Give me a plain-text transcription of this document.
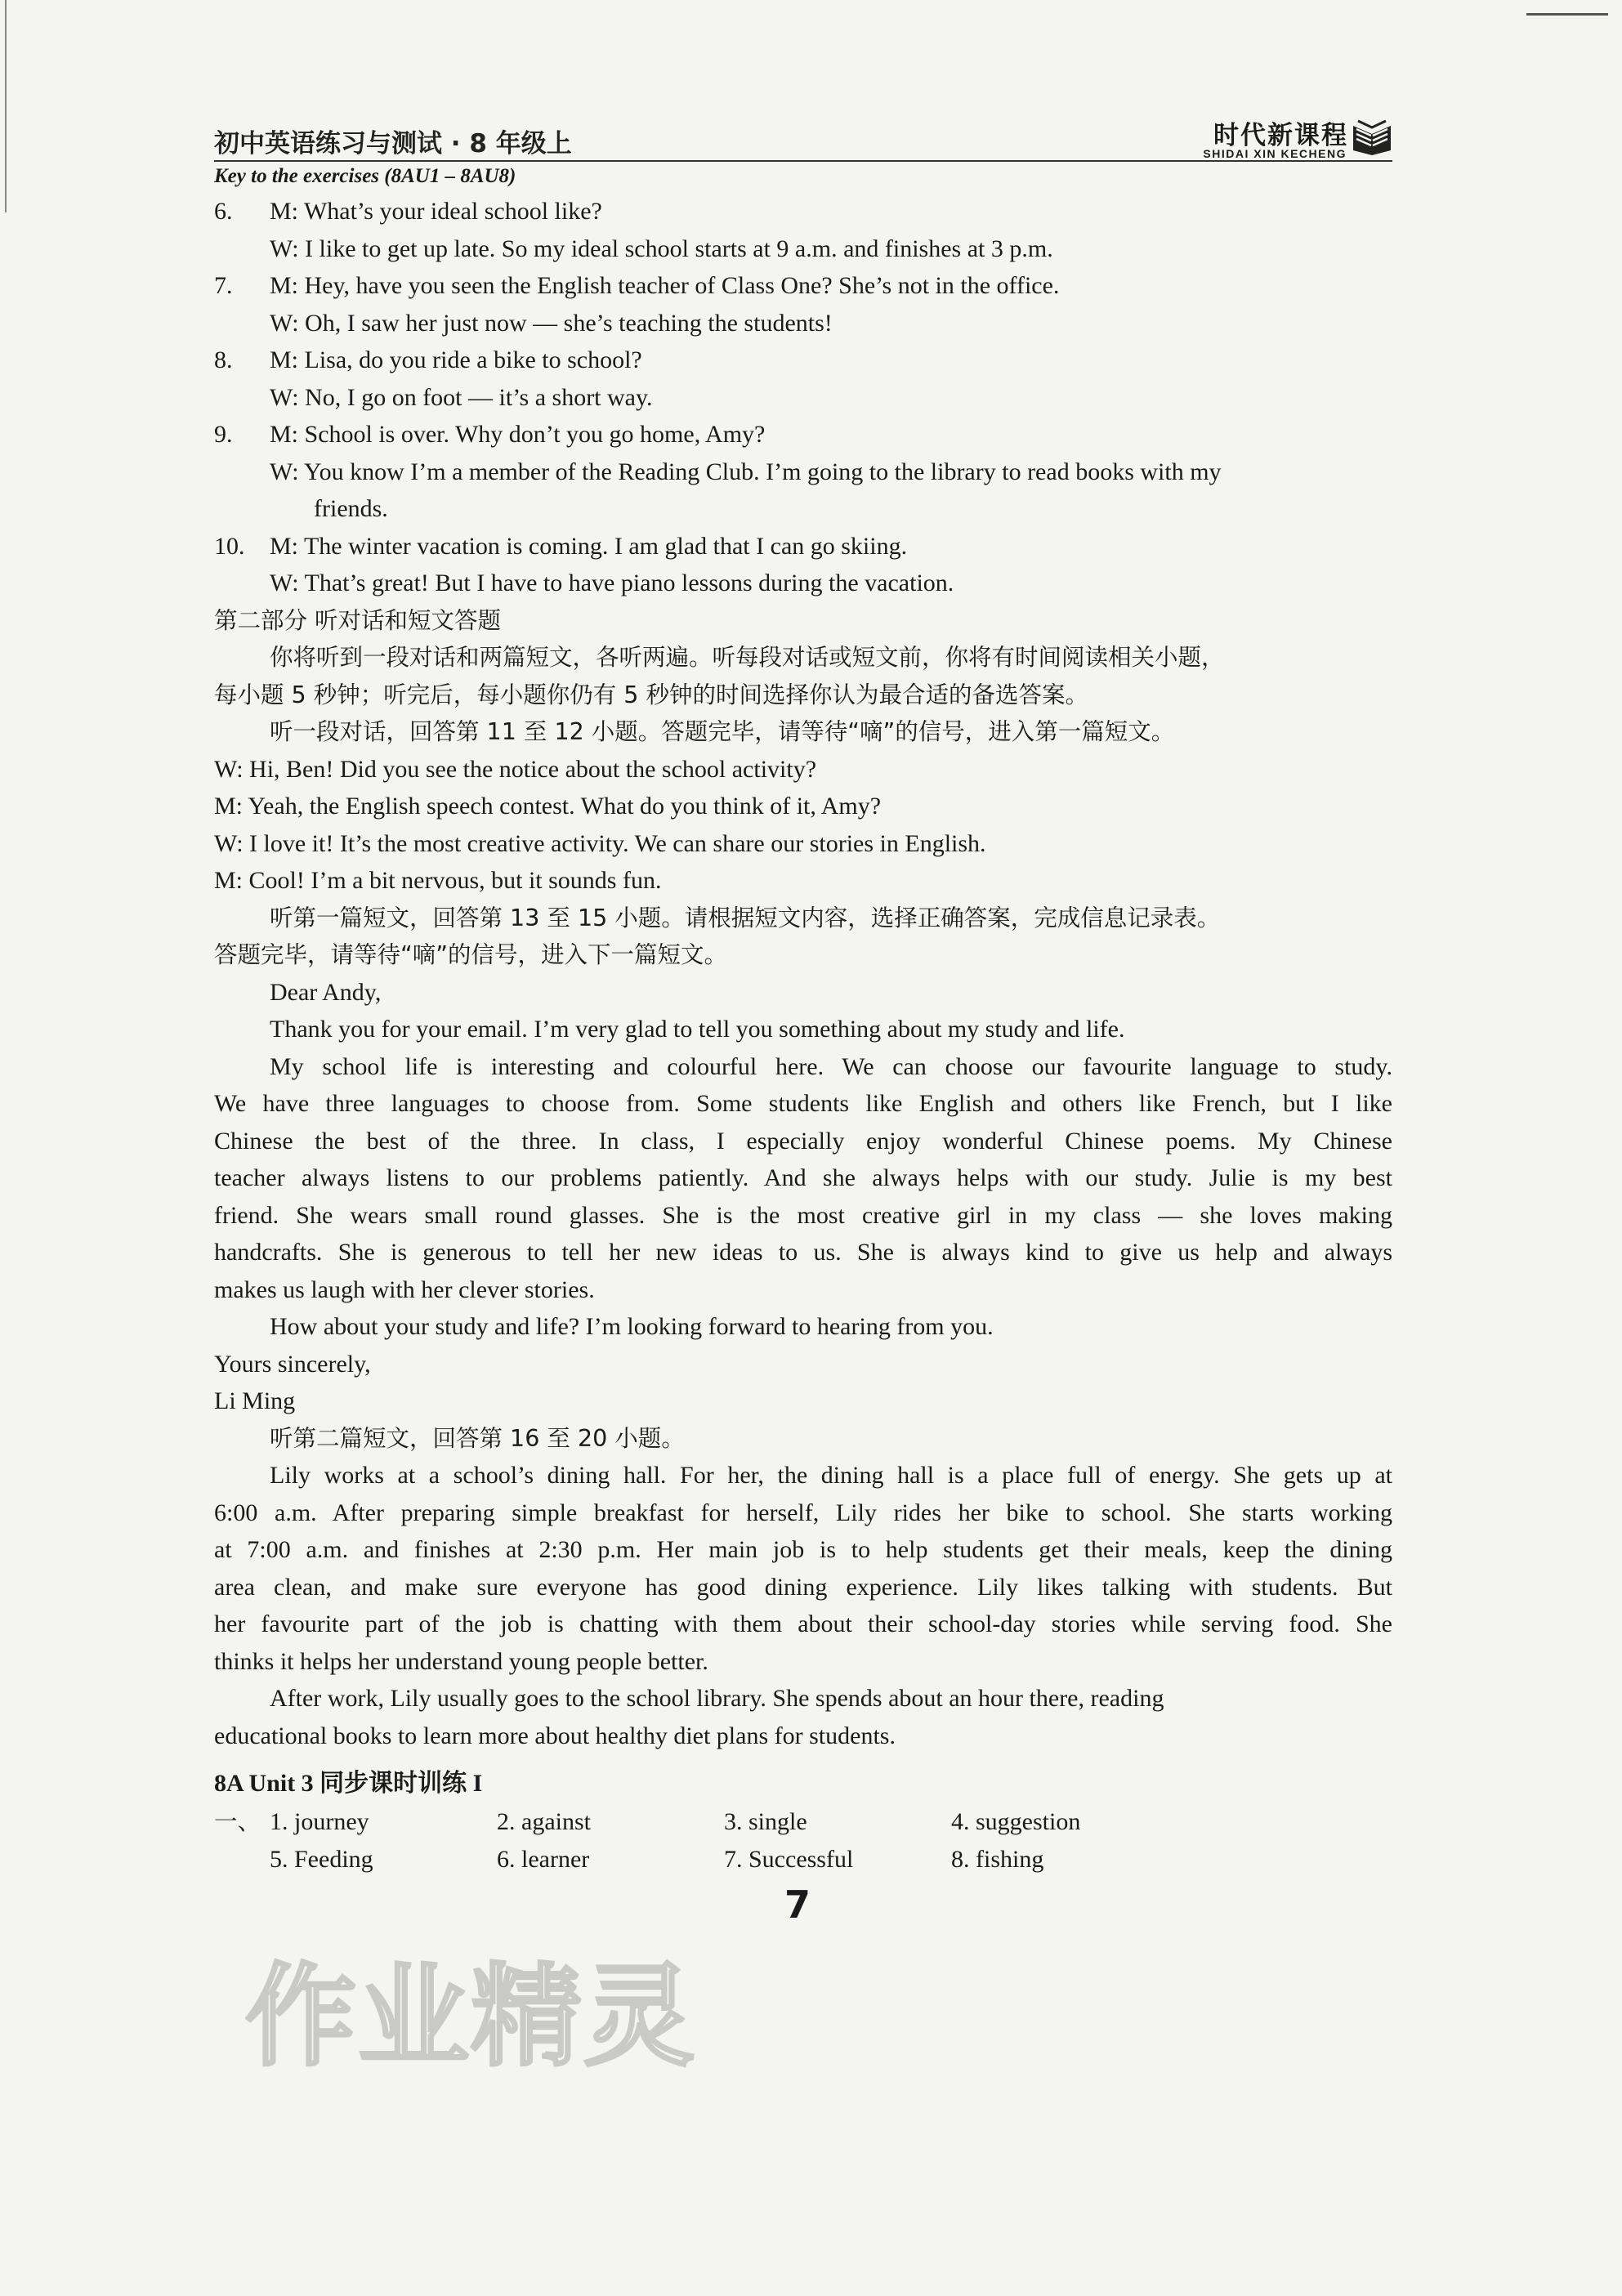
初中英语练习与测试 · 8 年级上	时代新课程
SHIDAI XIN KECHENG
Key to the exercises (8AU1 – 8AU8)
6. M: What’s your ideal school like?
W: I like to get up late. So my ideal school starts at 9 a.m. and finishes at 3 p.m.
7. M: Hey, have you seen the English teacher of Class One? She’s not in the office.
W: Oh, I saw her just now — she’s teaching the students!
8. M: Lisa, do you ride a bike to school?
W: No, I go on foot — it’s a short way.
9. M: School is over. Why don’t you go home, Amy?
W: You know I’m a member of the Reading Club. I’m going to the library to read books with my
friends.
10. M: The winter vacation is coming. I am glad that I can go skiing.
W: That’s great! But I have to have piano lessons during the vacation.
第二部分 听对话和短文答题
你将听到一段对话和两篇短文，各听两遍。听每段对话或短文前，你将有时间阅读相关小题，
每小题 5 秒钟；听完后，每小题你仍有 5 秒钟的时间选择你认为最合适的备选答案。
听一段对话，回答第 11 至 12 小题。答题完毕，请等待“嘀”的信号，进入第一篇短文。
W: Hi, Ben! Did you see the notice about the school activity?
M: Yeah, the English speech contest. What do you think of it, Amy?
W: I love it! It’s the most creative activity. We can share our stories in English.
M: Cool! I’m a bit nervous, but it sounds fun.
听第一篇短文，回答第 13 至 15 小题。请根据短文内容，选择正确答案，完成信息记录表。
答题完毕，请等待“嘀”的信号，进入下一篇短文。
Dear Andy,
Thank you for your email. I’m very glad to tell you something about my study and life.
My school life is interesting and colourful here. We can choose our favourite language to study.
We have three languages to choose from. Some students like English and others like French, but I like
Chinese the best of the three. In class, I especially enjoy wonderful Chinese poems. My Chinese
teacher always listens to our problems patiently. And she always helps with our study. Julie is my best
friend. She wears small round glasses. She is the most creative girl in my class — she loves making
handcrafts. She is generous to tell her new ideas to us. She is always kind to give us help and always
makes us laugh with her clever stories.
How about your study and life? I’m looking forward to hearing from you.
Yours sincerely,
Li Ming
听第二篇短文，回答第 16 至 20 小题。
Lily works at a school’s dining hall. For her, the dining hall is a place full of energy. She gets up at
6:00 a.m. After preparing simple breakfast for herself, Lily rides her bike to school. She starts working
at 7:00 a.m. and finishes at 2:30 p.m. Her main job is to help students get their meals, keep the dining
area clean, and make sure everyone has good dining experience. Lily likes talking with students. But
her favourite part of the job is chatting with them about their school-day stories while serving food. She
thinks it helps her understand young people better.
After work, Lily usually goes to the school library. She spends about an hour there, reading
educational books to learn more about healthy diet plans for students.
8A Unit 3 同步课时训练 I
一、 1. journey	2. against	3. single	4. suggestion
5. Feeding	6. learner	7. Successful	8. fishing
7
作业精灵
